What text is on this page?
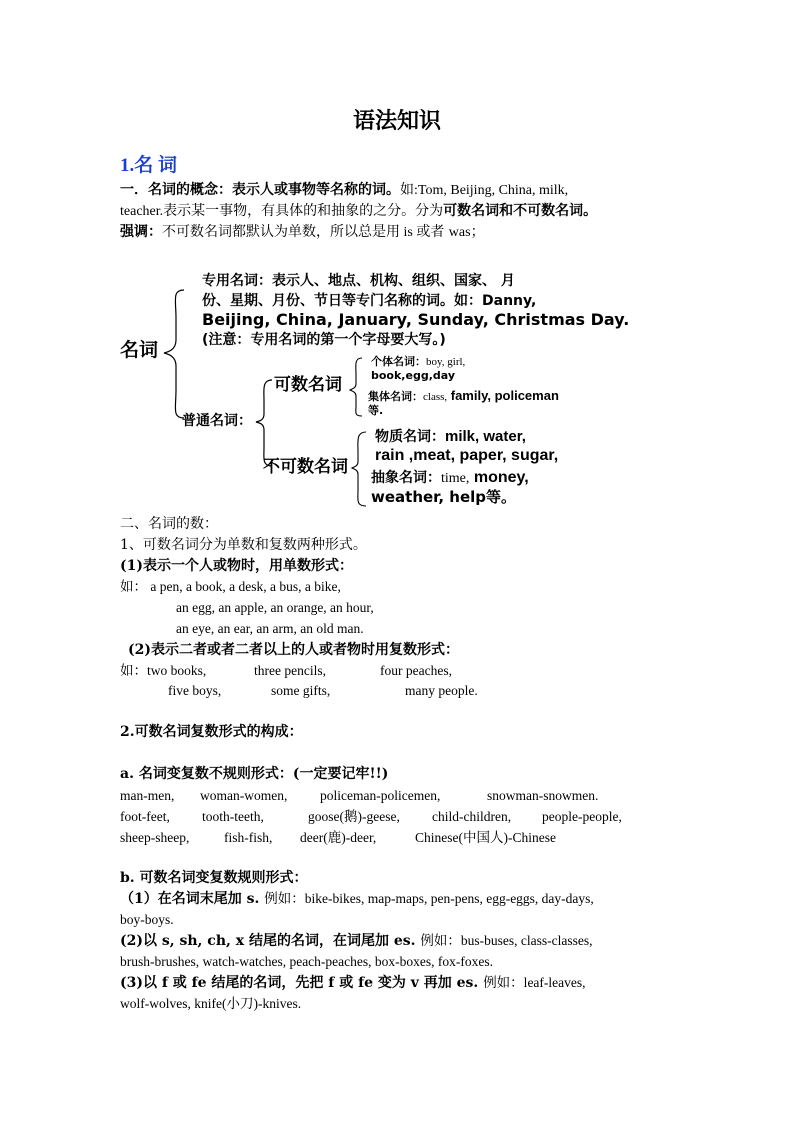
语法知识
1.名 词
一．名词的概念：表示人或事物等名称的词。如:Tom, Beijing, China, milk,
teacher.表示某一事物，有具体的和抽象的之分。分为可数名词和不可数名词。
强调：不可数名词都默认为单数，所以总是用 is 或者 was；
名词
专用名词：表示人、地点、机构、组织、国家、 月
份、星期、月份、节日等专门名称的词。如：Danny,
Beijing, China, January, Sunday, Christmas Day.
(注意：专用名词的第一个字母要大写。)
普通名词：
可数名词
个体名词：boy, girl,
book,egg,day
集体名词：class, family, policeman
等.
不可数名词
物质名词：milk, water,
rain ,meat, paper, sugar,
抽象名词：time, money,
weather, help等。
二、名词的数：
1、可数名词分为单数和复数两种形式。
(1)表示一个人或物时，用单数形式：
如： a pen, a book, a desk, a bus, a bike,
an egg, an apple, an orange, an hour,
an eye, an ear, an arm, an old man.
(2)表示二者或者二者以上的人或者物时用复数形式：
如：two books,	three pencils,	four peaches,
five boys,	some gifts,	many people.
2.可数名词复数形式的构成：
a. 名词变复数不规则形式：(一定要记牢!!)
man-men, woman-women, policeman-policemen,	snowman-snowmen.
foot-feet, tooth-teeth,	goose(鹅)-geese, child-children, people-people,
sheep-sheep,	fish-fish, deer(鹿)-deer,	Chinese(中国人)-Chinese
b. 可数名词变复数规则形式：
（1）在名词末尾加 s. 例如：bike-bikes, map-maps, pen-pens, egg-eggs, day-days,
boy-boys.
(2)以 s, sh, ch, x 结尾的名词，在词尾加 es. 例如：bus-buses, class-classes,
brush-brushes, watch-watches, peach-peaches, box-boxes, fox-foxes.
(3)以 f 或 fe 结尾的名词，先把 f 或 fe 变为 v 再加 es. 例如：leaf-leaves,
wolf-wolves, knife(小刀)-knives.
